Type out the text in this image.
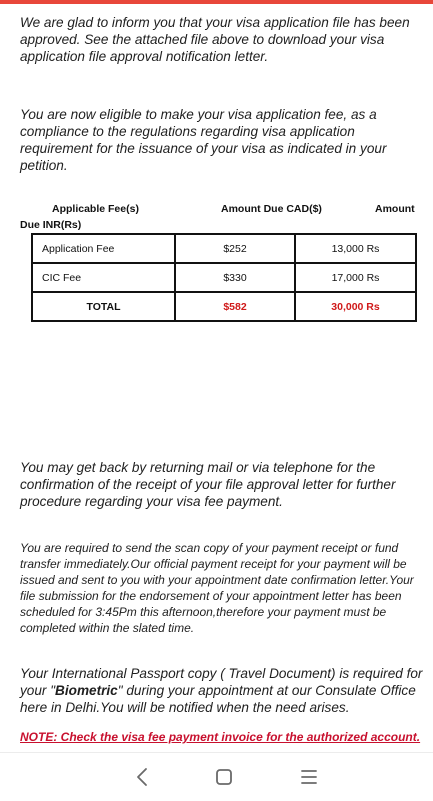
We are glad to inform you that your visa application file has been approved. See the attached file above to download your visa application file approval notification letter.

You are now eligible to make your visa application fee, as a compliance to the regulations regarding visa application requirement for the issuance of your visa as indicated in your petition.

Applicable Fee(s)	Amount Due CAD($)	Amount
Due INR(Rs)
Application Fee	$252	13,000 Rs
CIC Fee	$330	17,000 Rs
TOTAL	$582	30,000 Rs

You may get back by returning mail or via telephone for the confirmation of the receipt of your file approval letter for further procedure regarding your visa fee payment.

You are required to send the scan copy of your payment receipt or fund transfer immediately.Our official payment receipt for your payment will be issued and sent to you with your appointment date confirmation letter.Your file submission for the endorsement of your appointment letter has been scheduled for 3:45Pm this afternoon,therefore your payment must be completed within the slated time.

Your International Passport copy ( Travel Document) is required for your "Biometric" during your appointment at our Consulate Office here in Delhi.You will be notified when the need arises.

NOTE: Check the visa fee payment invoice for the authorized account.
